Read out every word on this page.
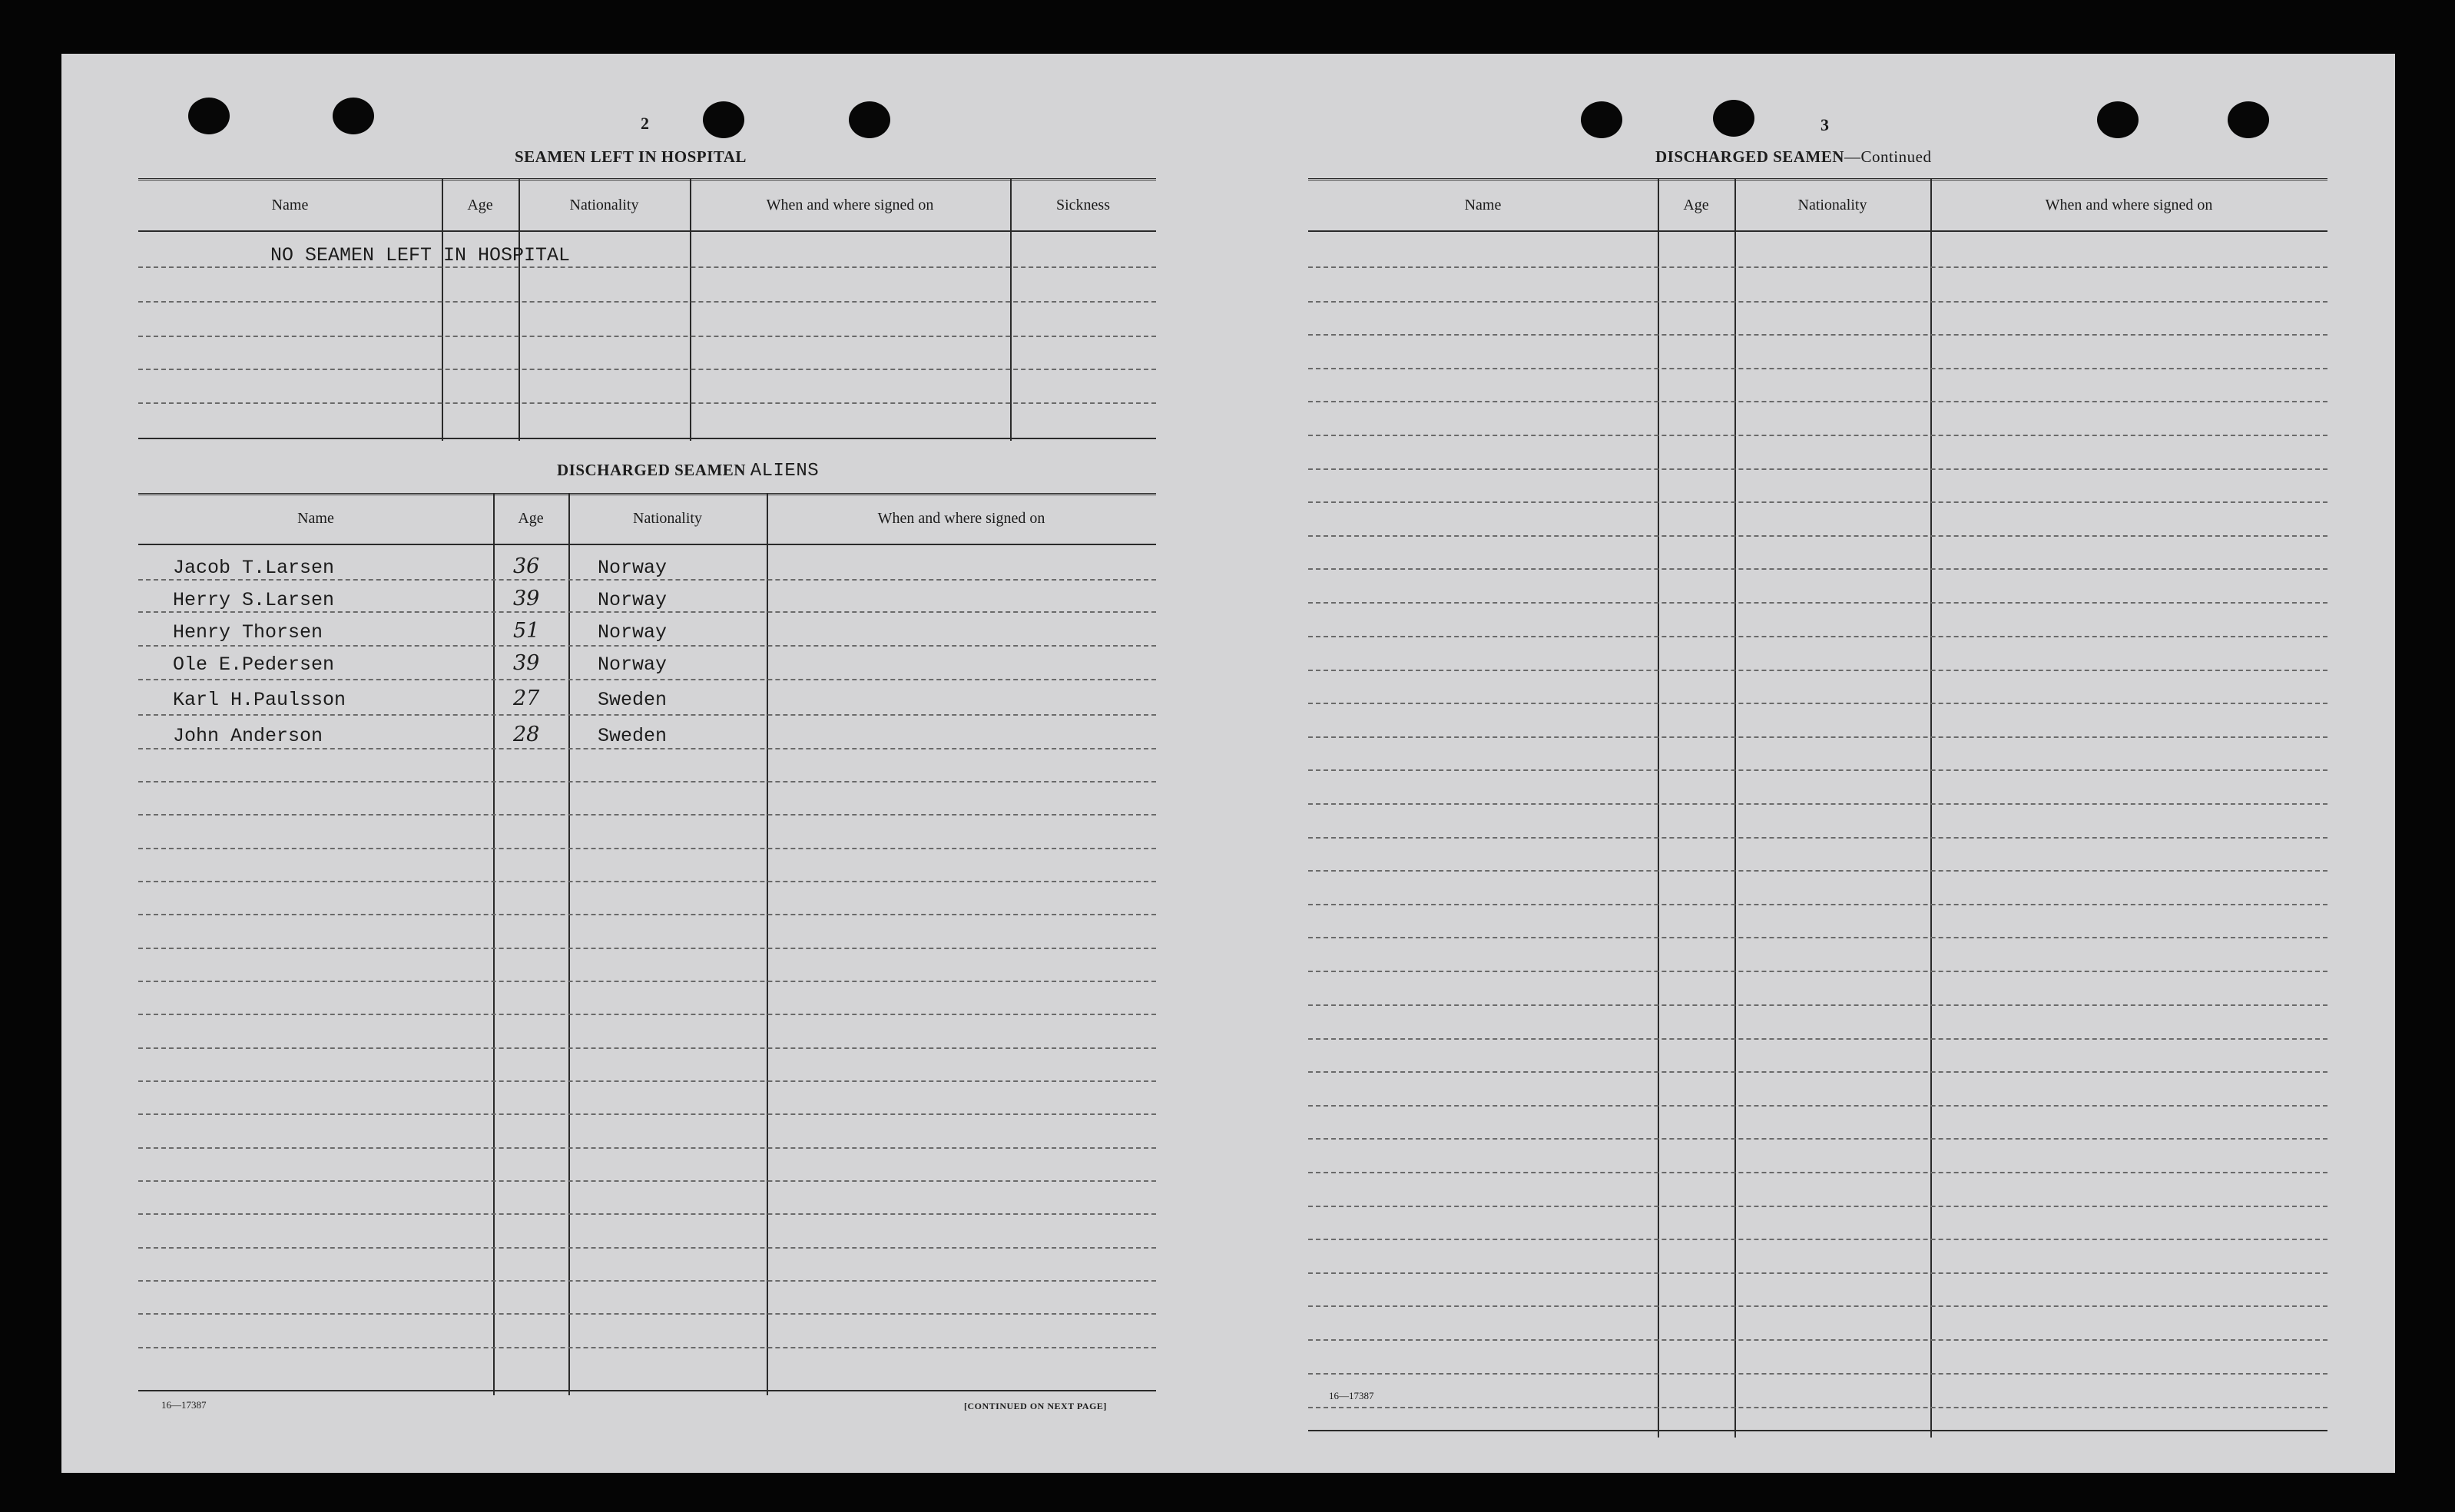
2
SEAMEN LEFT IN HOSPITAL
Name	Age	Nationality	When and where signed on	Sickness
NO SEAMEN LEFT IN HOSPITAL
DISCHARGED SEAMEN ALIENS
Name	Age	Nationality	When and where signed on
Jacob T.Larsen	36	Norway
Herry S.Larsen	39	Norway
Henry Thorsen	51	Norway
Ole E.Pedersen	39	Norway
Karl H.Paulsson	27	Sweden
John Anderson	28	Sweden
16—17387	[CONTINUED ON NEXT PAGE]
3
DISCHARGED SEAMEN—Continued
Name	Age	Nationality	When and where signed on
16—17387
